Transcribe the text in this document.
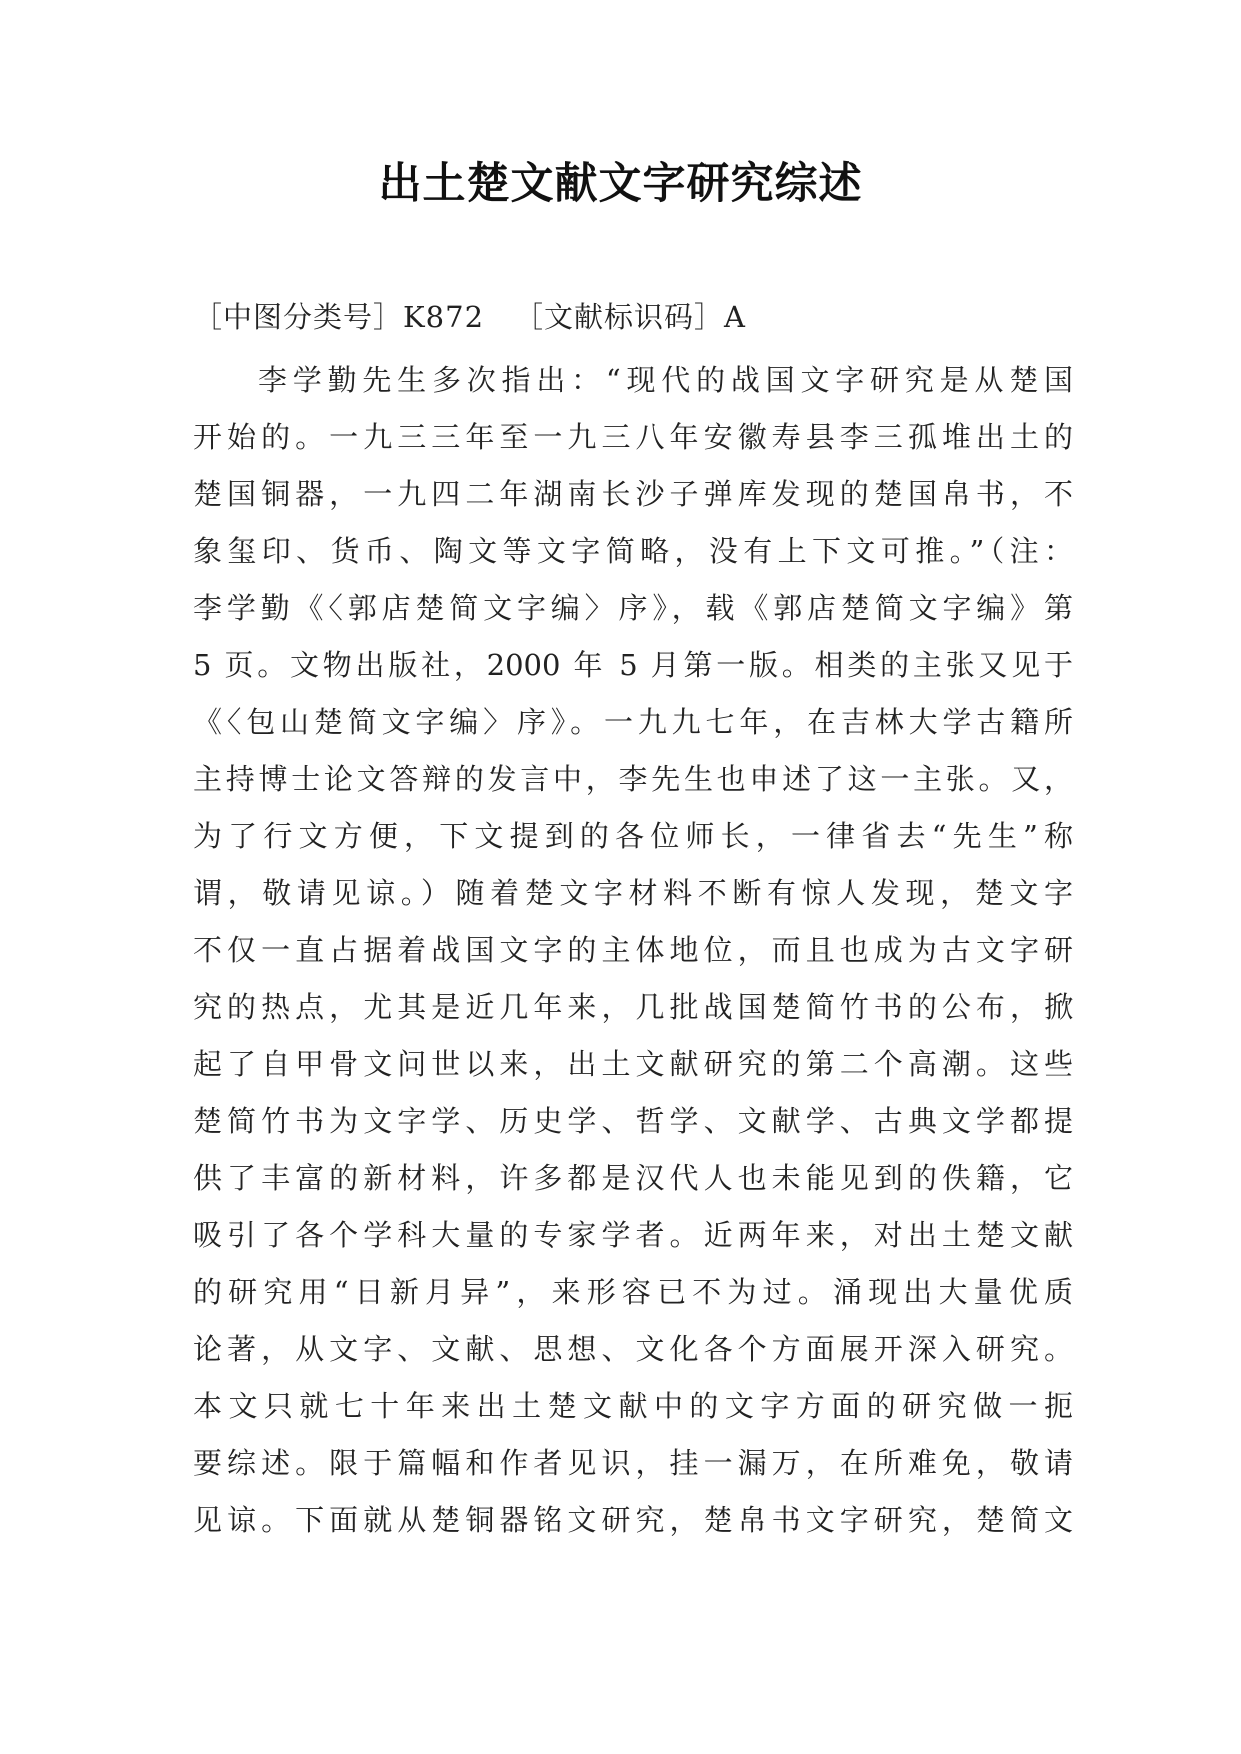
出土楚文献文字研究综述
［中图分类号］K872 ［文献标识码］A
李学勤先生多次指出：“现代的战国文字研究是从楚国
开始的。一九三三年至一九三八年安徽寿县李三孤堆出土的
楚国铜器，一九四二年湖南长沙子弹库发现的楚国帛书，不
象玺印、货币、陶文等文字简略，没有上下文可推。”（注：
李学勤《〈郭店楚简文字编〉序》，载《郭店楚简文字编》第
5 页。文物出版社，2000 年 5 月第一版。相类的主张又见于
《〈包山楚简文字编〉序》。一九九七年，在吉林大学古籍所
主持博士论文答辩的发言中，李先生也申述了这一主张。又，
为了行文方便，下文提到的各位师长，一律省去“先生”称
谓，敬请见谅。）随着楚文字材料不断有惊人发现，楚文字
不仅一直占据着战国文字的主体地位，而且也成为古文字研
究的热点，尤其是近几年来，几批战国楚简竹书的公布，掀
起了自甲骨文问世以来，出土文献研究的第二个高潮。这些
楚简竹书为文字学、历史学、哲学、文献学、古典文学都提
供了丰富的新材料，许多都是汉代人也未能见到的佚籍，它
吸引了各个学科大量的专家学者。近两年来，对出土楚文献
的研究用“日新月异”，来形容已不为过。涌现出大量优质
论著，从文字、文献、思想、文化各个方面展开深入研究。
本文只就七十年来出土楚文献中的文字方面的研究做一扼
要综述。限于篇幅和作者见识，挂一漏万，在所难免，敬请
见谅。下面就从楚铜器铭文研究，楚帛书文字研究，楚简文
